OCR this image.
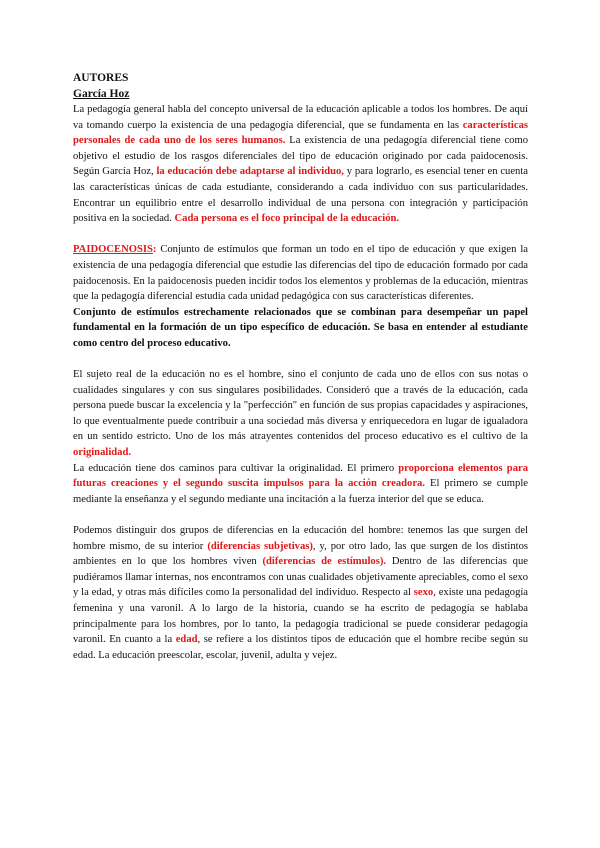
AUTORES
García Hoz

La pedagogía general habla del concepto universal de la educación aplicable a todos los hombres. De aquí va tomando cuerpo la existencia de una pedagogía diferencial, que se fundamenta en las características personales de cada uno de los seres humanos. La existencia de una pedagogía diferencial tiene como objetivo el estudio de los rasgos diferenciales del tipo de educación originado por cada paidocenosis. Según García Hoz, la educación debe adaptarse al individuo, y para lograrlo, es esencial tener en cuenta las características únicas de cada estudiante, considerando a cada individuo con sus particularidades. Encontrar un equilibrio entre el desarrollo individual de una persona con integración y participación positiva en la sociedad. Cada persona es el foco principal de la educación.

PAIDOCENOSIS: Conjunto de estímulos que forman un todo en el tipo de educación y que exigen la existencia de una pedagogía diferencial que estudie las diferencias del tipo de educación formado por cada paidocenosis. En la paidocenosis pueden incidir todos los elementos y problemas de la educación, mientras que la pedagogía diferencial estudia cada unidad pedagógica con sus características diferentes.

Conjunto de estímulos estrechamente relacionados que se combinan para desempeñar un papel fundamental en la formación de un tipo específico de educación. Se basa en entender al estudiante como centro del proceso educativo.

El sujeto real de la educación no es el hombre, sino el conjunto de cada uno de ellos con sus notas o cualidades singulares y con sus singulares posibilidades. Consideró que a través de la educación, cada persona puede buscar la excelencia y la "perfección" en función de sus propias capacidades y aspiraciones, lo que eventualmente puede contribuir a una sociedad más diversa y enriquecedora en lugar de igualadora en un sentido estricto. Uno de los más atrayentes contenidos del proceso educativo es el cultivo de la originalidad.

La educación tiene dos caminos para cultivar la originalidad. El primero proporciona elementos para futuras creaciones y el segundo suscita impulsos para la acción creadora. El primero se cumple mediante la enseñanza y el segundo mediante una incitación a la fuerza interior del que se educa.

Podemos distinguir dos grupos de diferencias en la educación del hombre: tenemos las que surgen del hombre mismo, de su interior (diferencias subjetivas), y, por otro lado, las que surgen de los distintos ambientes en lo que los hombres viven (diferencias de estímulos). Dentro de las diferencias que pudiéramos llamar internas, nos encontramos con unas cualidades objetivamente apreciables, como el sexo y la edad, y otras más difíciles como la personalidad del individuo. Respecto al sexo, existe una pedagogía femenina y una varonil. A lo largo de la historia, cuando se ha escrito de pedagogía se hablaba principalmente para los hombres, por lo tanto, la pedagogía tradicional se puede considerar pedagogía varonil. En cuanto a la edad, se refiere a los distintos tipos de educación que el hombre recibe según su edad. La educación preescolar, escolar, juvenil, adulta y vejez.
